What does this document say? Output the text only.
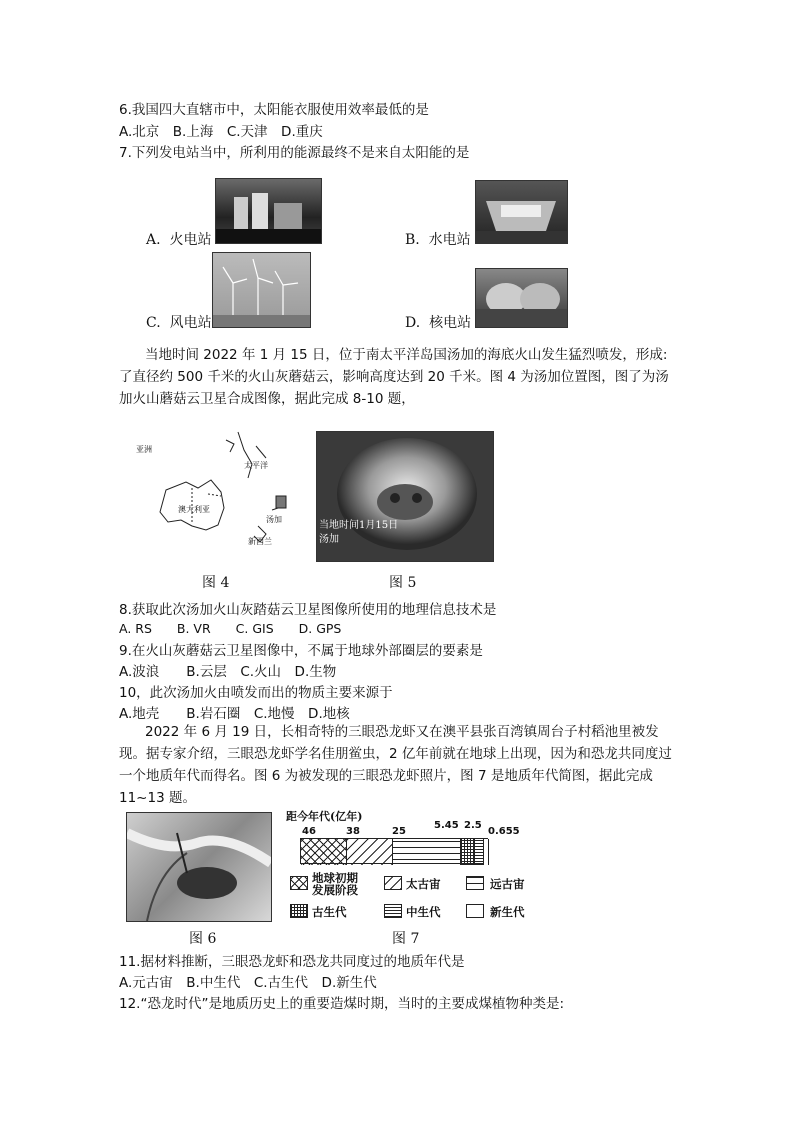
6.我国四大直辖市中，太阳能衣服使用效率最低的是
A.北京　B.上海　C.天津　D.重庆
7.下列发电站当中，所利用的能源最终不是来自太阳能的是
A. 火电站	B. 水电站
C. 风电站	D. 核电站
当地时间 2022 年 1 月 15 日，位于南太平洋岛国汤加的海底火山发生猛烈喷发，形成:了直径约 500 千米的火山灰蘑菇云，影响高度达到 20 千米。图 4 为汤加位置图，图了为汤加火山蘑菇云卫星合成图像，据此完成 8-10 题，
亚洲
太平洋
澳大利亚
新西兰
汤加
图 4
当地时间1月15日
汤加
图 5
8.获取此次汤加火山灰踏菇云卫星图像所使用的地理信息技术是
A. RS　　B. VR　　C. GIS　　D. GPS
9.在火山灰蘑菇云卫星图像中，不属于地球外部圈层的要素是
A.波浪　　B.云层　C.火山　D.生物
10，此次汤加火由喷发而出的物质主要来源于
A.地壳　　B.岩石圈　C.地慢　D.地核
2022 年 6 月 19 日，长相奇特的三眼恐龙虾又在澳平县张百湾镇周台子村稻池里被发现。据专家介绍，三眼恐龙虾学名佳朋鲎虫，2 亿年前就在地球上出现，因为和恐龙共同度过一个地质年代而得名。图 6 为被发现的三眼恐龙虾照片，图 7 是地质年代简图，据此完成 11~13 题。
图 6
距今年代(亿年)
46	38	25
5.45 2.5
0.655
地球初期
发展阶段	太古宙	远古宙
古生代	中生代	新生代
图 7
11.据材料推断，三眼恐龙虾和恐龙共同度过的地质年代是
A.元古宙　B.中生代　C.古生代　D.新生代
12.“恐龙时代”是地质历史上的重要造煤时期，当时的主要成煤植物种类是:
